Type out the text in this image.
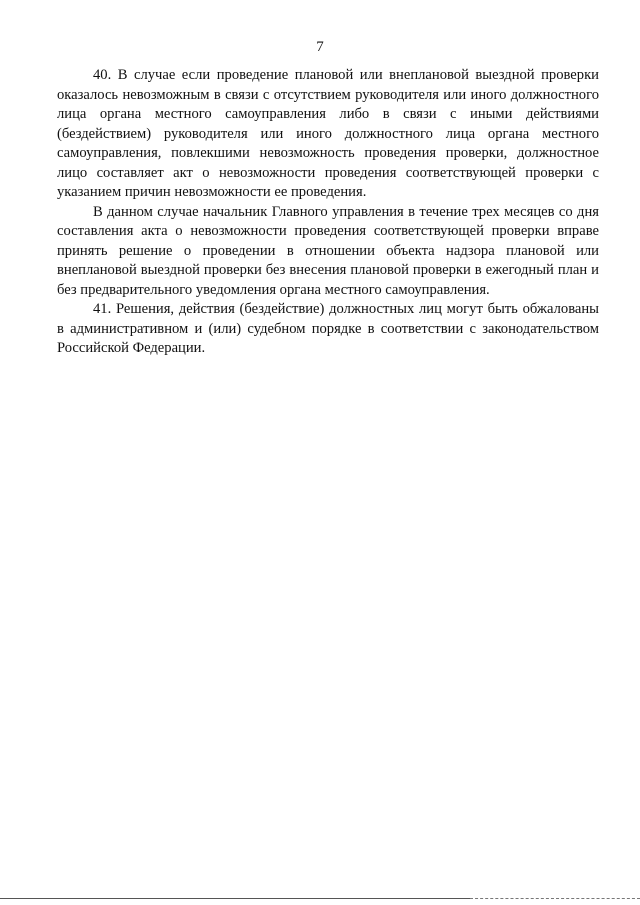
7

40. В случае если проведение плановой или внеплановой выездной проверки оказалось невозможным в связи с отсутствием руководителя или иного должностного лица органа местного самоуправления либо в связи с иными действиями (бездействием) руководителя или иного должностного лица органа местного самоуправления, повлекшими невозможность проведения проверки, должностное лицо составляет акт о невозможности проведения соответствующей проверки с указанием причин невозможности ее проведения.

В данном случае начальник Главного управления в течение трех месяцев со дня составления акта о невозможности проведения соответствующей проверки вправе принять решение о проведении в отношении объекта надзора плановой или внеплановой выездной проверки без внесения плановой проверки в ежегодный план и без предварительного уведомления органа местного самоуправления.

41. Решения, действия (бездействие) должностных лиц могут быть обжалованы в административном и (или) судебном порядке в соответствии с законодательством Российской Федерации.
